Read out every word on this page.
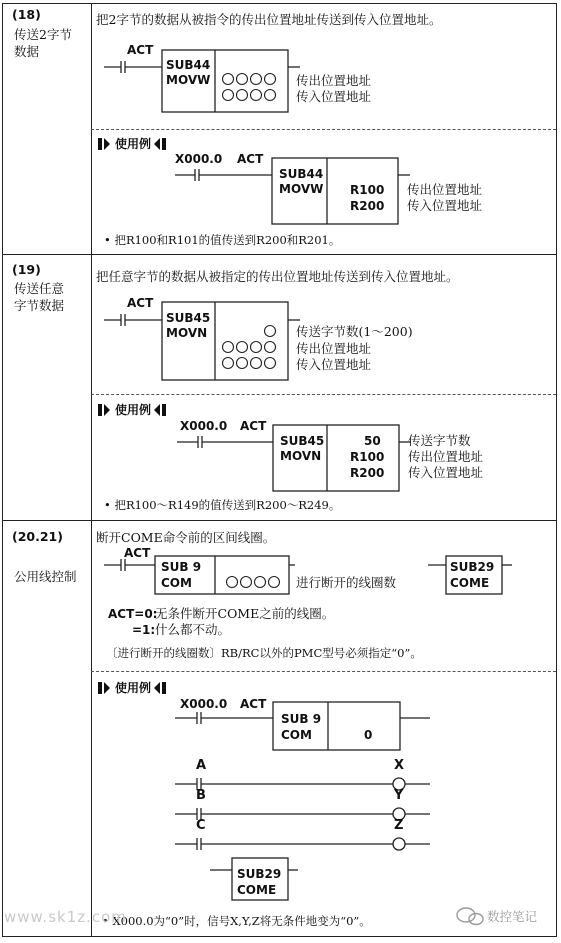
(18)
传送2字节
数据
把2字节的数据从被指令的传出位置地址传送到传入位置地址。
ACT
SUB44
MOVW	传出位置地址
传入位置地址
使用例
X000.0 ACT
SUB44
MOVW R100
R200
传出位置地址
传入位置地址
• 把R100和R101的值传送到R200和R201。
(19)
传送任意
字节数据
把任意字节的数据从被指定的传出位置地址传送到传入位置地址。
ACT
SUB45
MOVN	传送字节数(1～200)
传出位置地址
传入位置地址
使用例
X000.0 ACT
SUB45
MOVN
50
R100
R200
传送字节数
传出位置地址
传入位置地址
• 把R100～R149的值传送到R200～R249。
(20.21)
公用线控制
断开COME命令前的区间线圈。
ACT
SUB 9
COM	进行断开的线圈数
SUB29
COME
ACT=0:
无条件断开COME之前的线圈。
=1: 什么都不动。
〔进行断开的线圈数〕RB/RC以外的PMC型号必须指定“0”。
使用例
X000.0 ACT
SUB 9
COM	0
A
B
C
X
Y
Z
SUB29
COME
• X000.0为“0”时，信号X,Y,Z将无条件地变为“0”。
www.sk1z.com	数控笔记
